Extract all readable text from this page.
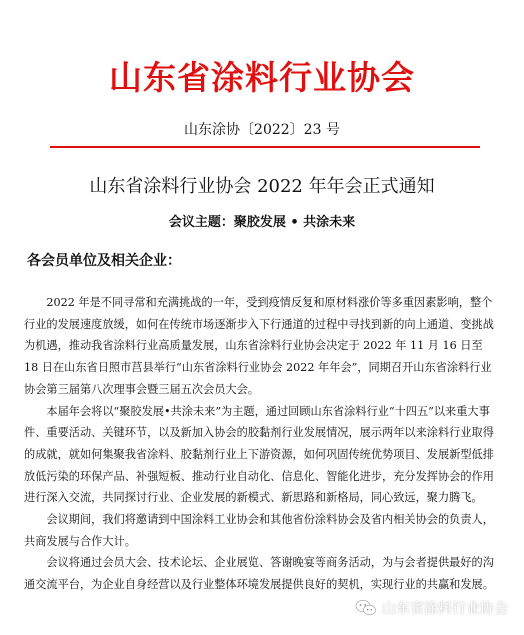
山东省涂料行业协会
山东涂协〔2022〕23 号
山东省涂料行业协会 2022 年年会正式通知
会议主题：聚胶发展 • 共涂未来
各会员单位及相关企业：

2022 年是不同寻常和充满挑战的一年，受到疫情反复和原材料涨价等多重因素影响，整个行业的发展速度放缓，如何在传统市场逐渐步入下行通道的过程中寻找到新的向上通道、变挑战为机遇，推动我省涂料行业高质量发展，山东省涂料行业协会决定于 2022 年 11 月 16 日至 18 日在山东省日照市莒县举行“山东省涂料行业协会 2022 年年会”，同期召开山东省涂料行业协会第三届第八次理事会暨三届五次会员大会。

本届年会将以“聚胶发展•共涂未来”为主题，通过回顾山东省涂料行业“十四五”以来重大事件、重要活动、关键环节，以及新加入协会的胶黏剂行业发展情况，展示两年以来涂料行业取得的成就，就如何集聚我省涂料、胶黏剂行业上下游资源，如何巩固传统优势项目、发展新型低排放低污染的环保产品、补强短板、推动行业自动化、信息化、智能化进步，充分发挥协会的作用进行深入交流，共同探讨行业、企业发展的新模式、新思路和新格局，同心致远，聚力腾飞。

会议期间，我们将邀请到中国涂料工业协会和其他省份涂料协会及省内相关协会的负责人，共商发展与合作大计。

会议将通过会员大会、技术论坛、企业展览、答谢晚宴等商务活动，为与会者提供最好的沟通交流平台，为企业自身经营以及行业整体环境发展提供良好的契机，实现行业的共赢和发展。

山东省涂料行业协会
